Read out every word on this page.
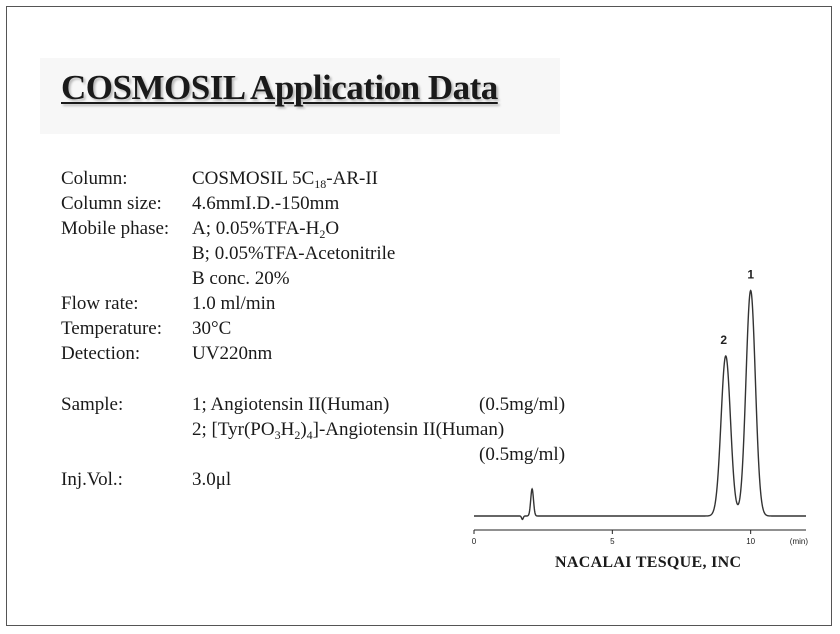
COSMOSIL Application Data
Column:	COSMOSIL $5C_{18}-AR-II$
Column size: 4.6mmI.D.-150mm
Mobile phase: A; $0.05\%TFA-H_2O$
B; 0.05%TFA-Acetonitrile
B conc. 20%
Flow rate:	1.0 ml/min
Temperature: 30°C
Detection:	UV220nm
Sample:	1; Angiotensin II(Human)	(0.5mg/ml)
2; $[Tyr(PO_3H_2)_4]$-Angiotensin II(Human)
(0.5mg/ml)
Inj.Vol.:	3.0μl
0	5	10	(min)
1
2
NACALAI TESQUE, INC
